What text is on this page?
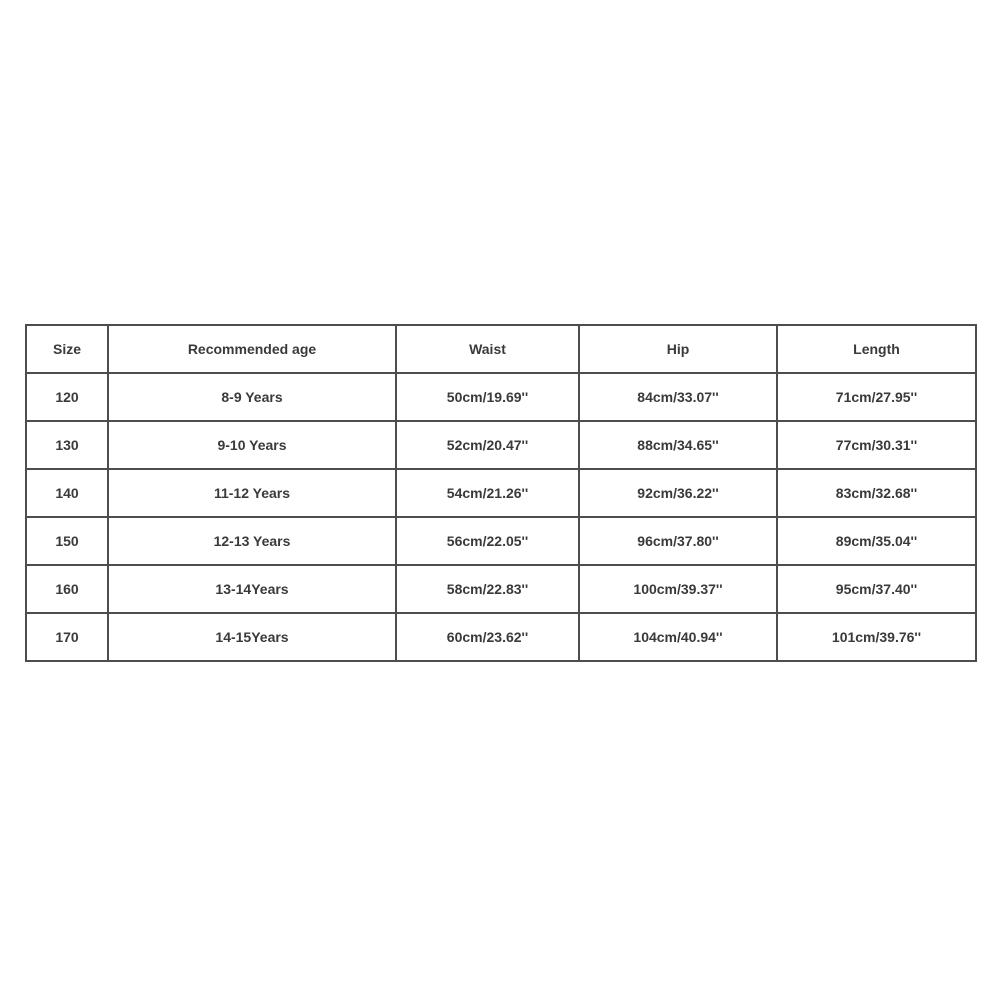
Size	Recommended age	Waist	Hip	Length
120	8-9 Years	50cm/19.69''	84cm/33.07''	71cm/27.95''
130	9-10 Years	52cm/20.47''	88cm/34.65''	77cm/30.31''
140	11-12 Years	54cm/21.26''	92cm/36.22''	83cm/32.68''
150	12-13 Years	56cm/22.05''	96cm/37.80''	89cm/35.04''
160	13-14Years	58cm/22.83''	100cm/39.37''	95cm/37.40''
170	14-15Years	60cm/23.62''	104cm/40.94''	101cm/39.76''
